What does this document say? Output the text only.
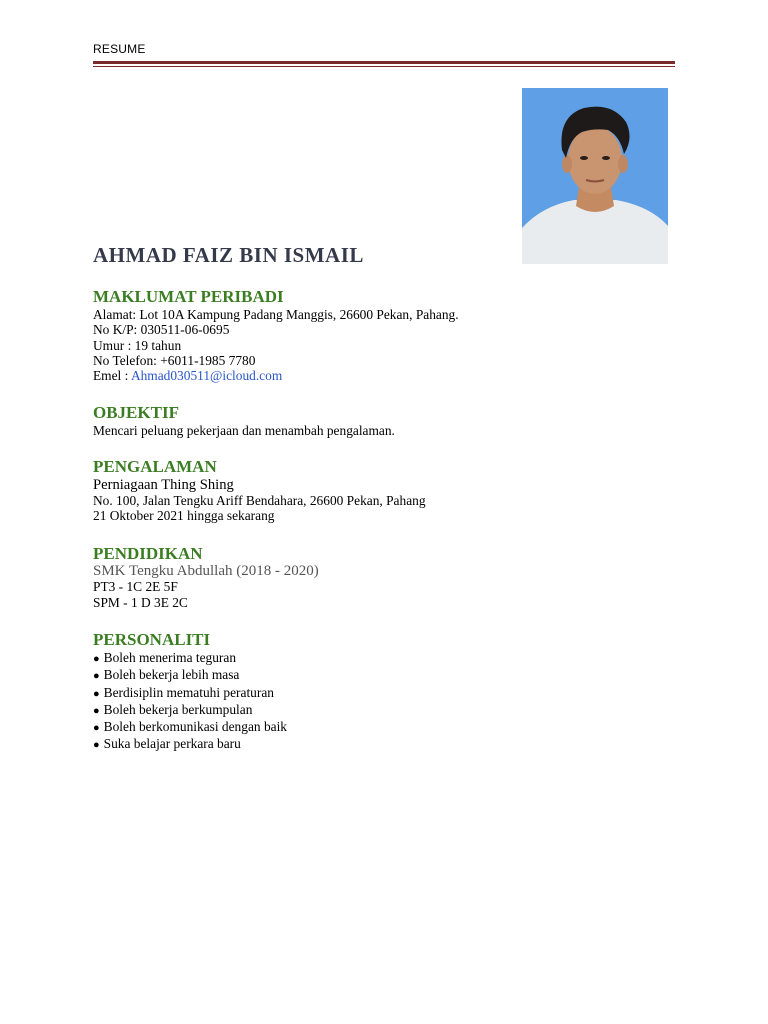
RESUME
AHMAD FAIZ BIN ISMAIL
MAKLUMAT PERIBADI
Alamat: Lot 10A Kampung Padang Manggis, 26600 Pekan, Pahang.
No K/P: 030511-06-0695
Umur : 19 tahun
No Telefon: +6011-1985 7780
Emel : Ahmad030511@icloud.com
OBJEKTIF
Mencari peluang pekerjaan dan menambah pengalaman.
PENGALAMAN
Perniagaan Thing Shing
No. 100, Jalan Tengku Ariff Bendahara, 26600 Pekan, Pahang
21 Oktober 2021 hingga sekarang
PENDIDIKAN
SMK Tengku Abdullah (2018 - 2020)
PT3 - 1C 2E 5F
SPM - 1 D 3E 2C
PERSONALITI
● Boleh menerima teguran
● Boleh bekerja lebih masa
● Berdisiplin mematuhi peraturan
● Boleh bekerja berkumpulan
● Boleh berkomunikasi dengan baik
● Suka belajar perkara baru
